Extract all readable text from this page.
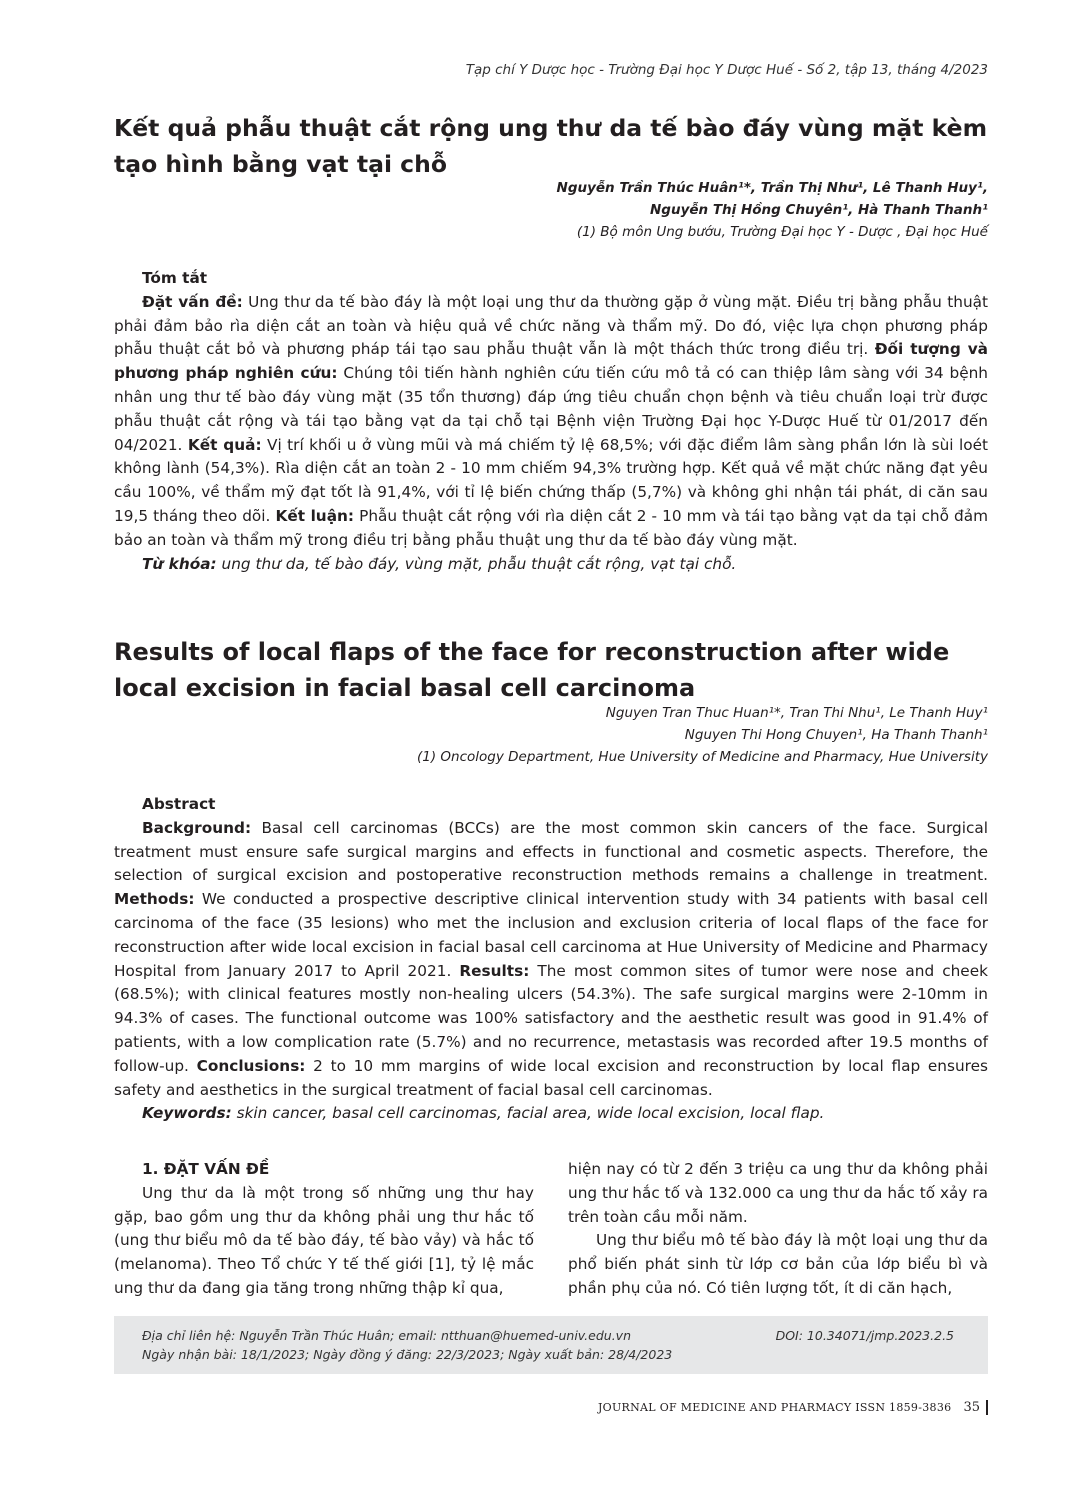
Tạp chí Y Dược học - Trường Đại học Y Dược Huế - Số 2, tập 13, tháng 4/2023
Kết quả phẫu thuật cắt rộng ung thư da tế bào đáy vùng mặt kèm tạo hình bằng vạt tại chỗ
Nguyễn Trần Thúc Huân¹*, Trần Thị Như¹, Lê Thanh Huy¹,
Nguyễn Thị Hồng Chuyên¹, Hà Thanh Thanh¹
(1) Bộ môn Ung bướu, Trường Đại học Y - Dược , Đại học Huế
Tóm tắt

Đặt vấn đề: Ung thư da tế bào đáy là một loại ung thư da thường gặp ở vùng mặt. Điều trị bằng phẫu thuật phải đảm bảo rìa diện cắt an toàn và hiệu quả về chức năng và thẩm mỹ. Do đó, việc lựa chọn phương pháp phẫu thuật cắt bỏ và phương pháp tái tạo sau phẫu thuật vẫn là một thách thức trong điều trị. Đối tượng và phương pháp nghiên cứu: Chúng tôi tiến hành nghiên cứu tiến cứu mô tả có can thiệp lâm sàng với 34 bệnh nhân ung thư tế bào đáy vùng mặt (35 tổn thương) đáp ứng tiêu chuẩn chọn bệnh và tiêu chuẩn loại trừ được phẫu thuật cắt rộng và tái tạo bằng vạt da tại chỗ tại Bệnh viện Trường Đại học Y-Dược Huế từ 01/2017 đến 04/2021. Kết quả: Vị trí khối u ở vùng mũi và má chiếm tỷ lệ 68,5%; với đặc điểm lâm sàng phần lớn là sùi loét không lành (54,3%). Rìa diện cắt an toàn 2 - 10 mm chiếm 94,3% trường hợp. Kết quả về mặt chức năng đạt yêu cầu 100%, về thẩm mỹ đạt tốt là 91,4%, với tỉ lệ biến chứng thấp (5,7%) và không ghi nhận tái phát, di căn sau 19,5 tháng theo dõi. Kết luận: Phẫu thuật cắt rộng với rìa diện cắt 2 - 10 mm và tái tạo bằng vạt da tại chỗ đảm bảo an toàn và thẩm mỹ trong điều trị bằng phẫu thuật ung thư da tế bào đáy vùng mặt.

Từ khóa: ung thư da, tế bào đáy, vùng mặt, phẫu thuật cắt rộng, vạt tại chỗ.
Results of local flaps of the face for reconstruction after wide local excision in facial basal cell carcinoma
Nguyen Tran Thuc Huan¹*, Tran Thi Nhu¹, Le Thanh Huy¹
Nguyen Thi Hong Chuyen¹, Ha Thanh Thanh¹
(1) Oncology Department, Hue University of Medicine and Pharmacy, Hue University
Abstract

Background: Basal cell carcinomas (BCCs) are the most common skin cancers of the face. Surgical treatment must ensure safe surgical margins and effects in functional and cosmetic aspects. Therefore, the selection of surgical excision and postoperative reconstruction methods remains a challenge in treatment. Methods: We conducted a prospective descriptive clinical intervention study with 34 patients with basal cell carcinoma of the face (35 lesions) who met the inclusion and exclusion criteria of local flaps of the face for reconstruction after wide local excision in facial basal cell carcinoma at Hue University of Medicine and Pharmacy Hospital from January 2017 to April 2021. Results: The most common sites of tumor were nose and cheek (68.5%); with clinical features mostly non-healing ulcers (54.3%). The safe surgical margins were 2-10mm in 94.3% of cases. The functional outcome was 100% satisfactory and the aesthetic result was good in 91.4% of patients, with a low complication rate (5.7%) and no recurrence, metastasis was recorded after 19.5 months of follow-up. Conclusions: 2 to 10 mm margins of wide local excision and reconstruction by local flap ensures safety and aesthetics in the surgical treatment of facial basal cell carcinomas.

Keywords: skin cancer, basal cell carcinomas, facial area, wide local excision, local flap.
1. ĐẶT VẤN ĐỀ

Ung thư da là một trong số những ung thư hay gặp, bao gồm ung thư da không phải ung thư hắc tố (ung thư biểu mô da tế bào đáy, tế bào vảy) và hắc tố (melanoma). Theo Tổ chức Y tế thế giới [1], tỷ lệ mắc ung thư da đang gia tăng trong những thập kỉ qua,

hiện nay có từ 2 đến 3 triệu ca ung thư da không phải ung thư hắc tố và 132.000 ca ung thư da hắc tố xảy ra trên toàn cầu mỗi năm.

Ung thư biểu mô tế bào đáy là một loại ung thư da phổ biến phát sinh từ lớp cơ bản của lớp biểu bì và phần phụ của nó. Có tiên lượng tốt, ít di căn hạch,

Địa chỉ liên hệ: Nguyễn Trần Thúc Huân; email: ntthuan@huemed-univ.edu.vn
Ngày nhận bài: 18/1/2023; Ngày đồng ý đăng: 22/3/2023; Ngày xuất bản: 28/4/2023
DOI: 10.34071/jmp.2023.2.5
JOURNAL OF MEDICINE AND PHARMACY ISSN 1859-3836 35
